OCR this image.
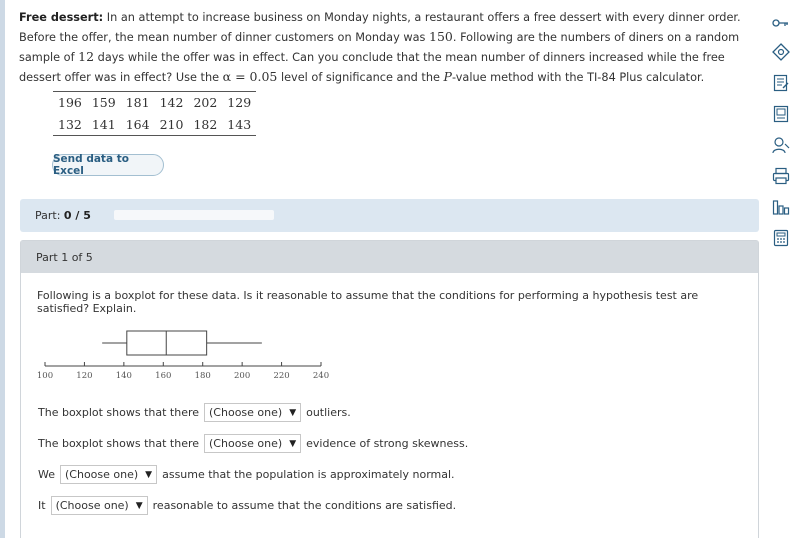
Free dessert: In an attempt to increase business on Monday nights, a restaurant offers a free dessert with every dinner order.
Before the offer, the mean number of dinner customers on Monday was 150. Following are the numbers of diners on a random
sample of 12 days while the offer was in effect. Can you conclude that the mean number of dinners increased while the free
dessert offer was in effect? Use the α = 0.05 level of significance and the P-value method with the TI-84 Plus calculator.
196	159	181	142	202	129
132	141	164	210	182	143
Send data to Excel
Part: 0 / 5
Part 1 of 5
Following is a boxplot for these data. Is it reasonable to assume that the conditions for performing a hypothesis test are satisfied? Explain.
100	120	140	160	180	200	220	240
The boxplot shows that there (Choose one) ▼ outliers.
The boxplot shows that there (Choose one) ▼ evidence of strong skewness.
We (Choose one) ▼ assume that the population is approximately normal.
It (Choose one) ▼ reasonable to assume that the conditions are satisfied.
